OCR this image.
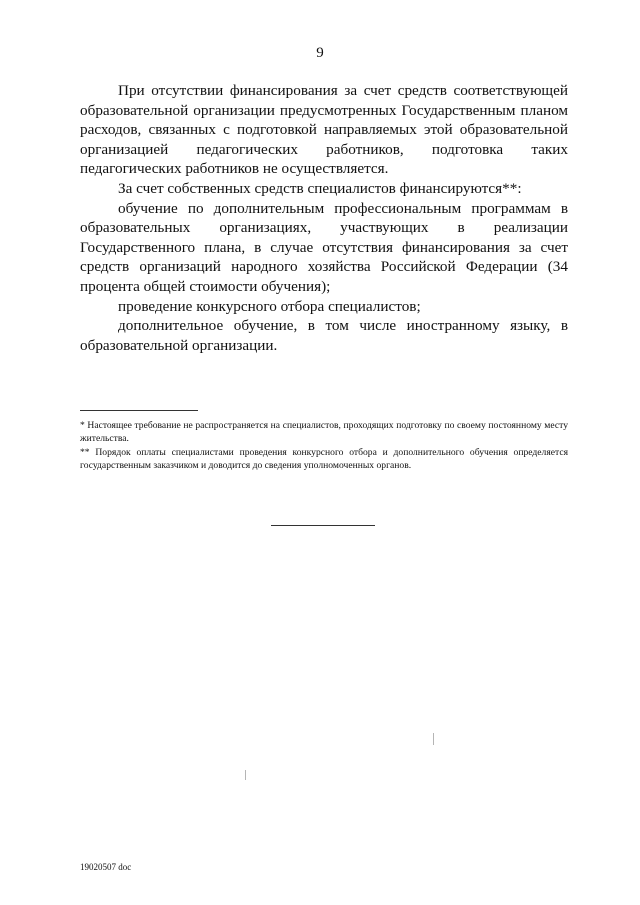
9

При отсутствии финансирования за счет средств соответствующей образовательной организации предусмотренных Государственным планом расходов, связанных с подготовкой направляемых этой образовательной организацией педагогических работников, подготовка таких педагогических работников не осуществляется.

За счет собственных средств специалистов финансируются**:

обучение по дополнительным профессиональным программам в образовательных организациях, участвующих в реализации Государственного плана, в случае отсутствия финансирования за счет средств организаций народного хозяйства Российской Федерации (34 процента общей стоимости обучения);

проведение конкурсного отбора специалистов;

дополнительное обучение, в том числе иностранному языку, в образовательной организации.

* Настоящее требование не распространяется на специалистов, проходящих подготовку по своему постоянному месту жительства.

** Порядок оплаты специалистами проведения конкурсного отбора и дополнительного обучения определяется государственным заказчиком и доводится до сведения уполномоченных органов.

19020507 doc
